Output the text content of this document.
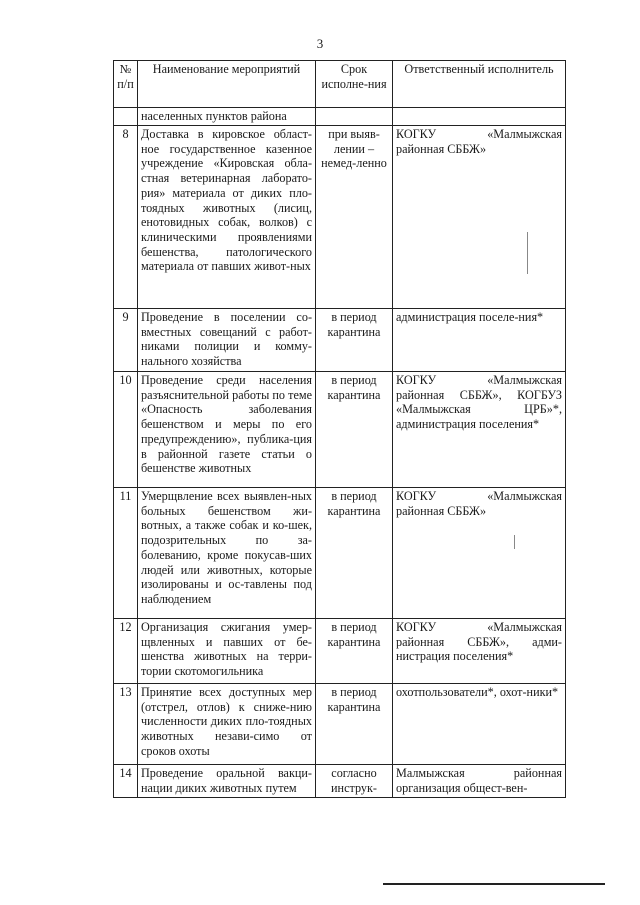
3
№ п/п	Наименование мероприятий	Срок исполне-ния	Ответственный исполнитель
	населенных пунктов района		
8	Доставка в кировское област-ное государственное казенное учреждение «Кировская обла-стная ветеринарная лаборато-рия» материала от диких пло-тоядных животных (лисиц, енотовидных собак, волков) с клиническими проявлениями бешенства, патологического материала от павших живот-ных	при выяв-лении – немед-ленно	КОГКУ «Малмыжская районная СББЖ»
9	Проведение в поселении со-вместных совещаний с работ-никами полиции и комму-нального хозяйства	в период карантина	администрация поселе-ния*
10	Проведение среди населения разъяснительной работы по теме «Опасность заболевания бешенством и меры по его предупреждению», публика-ция в районной газете статьи о бешенстве животных	в период карантина	КОГКУ «Малмыжская районная СББЖ», КОГБУЗ «Малмыжская ЦРБ»*, администрация поселения*
11	Умерщвление всех выявлен-ных больных бешенством жи-вотных, а также собак и ко-шек, подозрительных по за-болеванию, кроме покусав-ших людей или животных, которые изолированы и ос-тавлены под наблюдением	в период карантина	КОГКУ «Малмыжская районная СББЖ»
12	Организация сжигания умер-щвленных и павших от бе-шенства животных на терри-тории скотомогильника	в период карантина	КОГКУ «Малмыжская районная СББЖ», адми-нистрация поселения*
13	Принятие всех доступных мер (отстрел, отлов) к сниже-нию численности диких пло-тоядных животных незави-симо от сроков охоты	в период карантина	охотпользователи*, охот-ники*
14	Проведение оральной вакци-нации диких животных путем	согласно инструк-	Малмыжская районная организация общест-вен-
